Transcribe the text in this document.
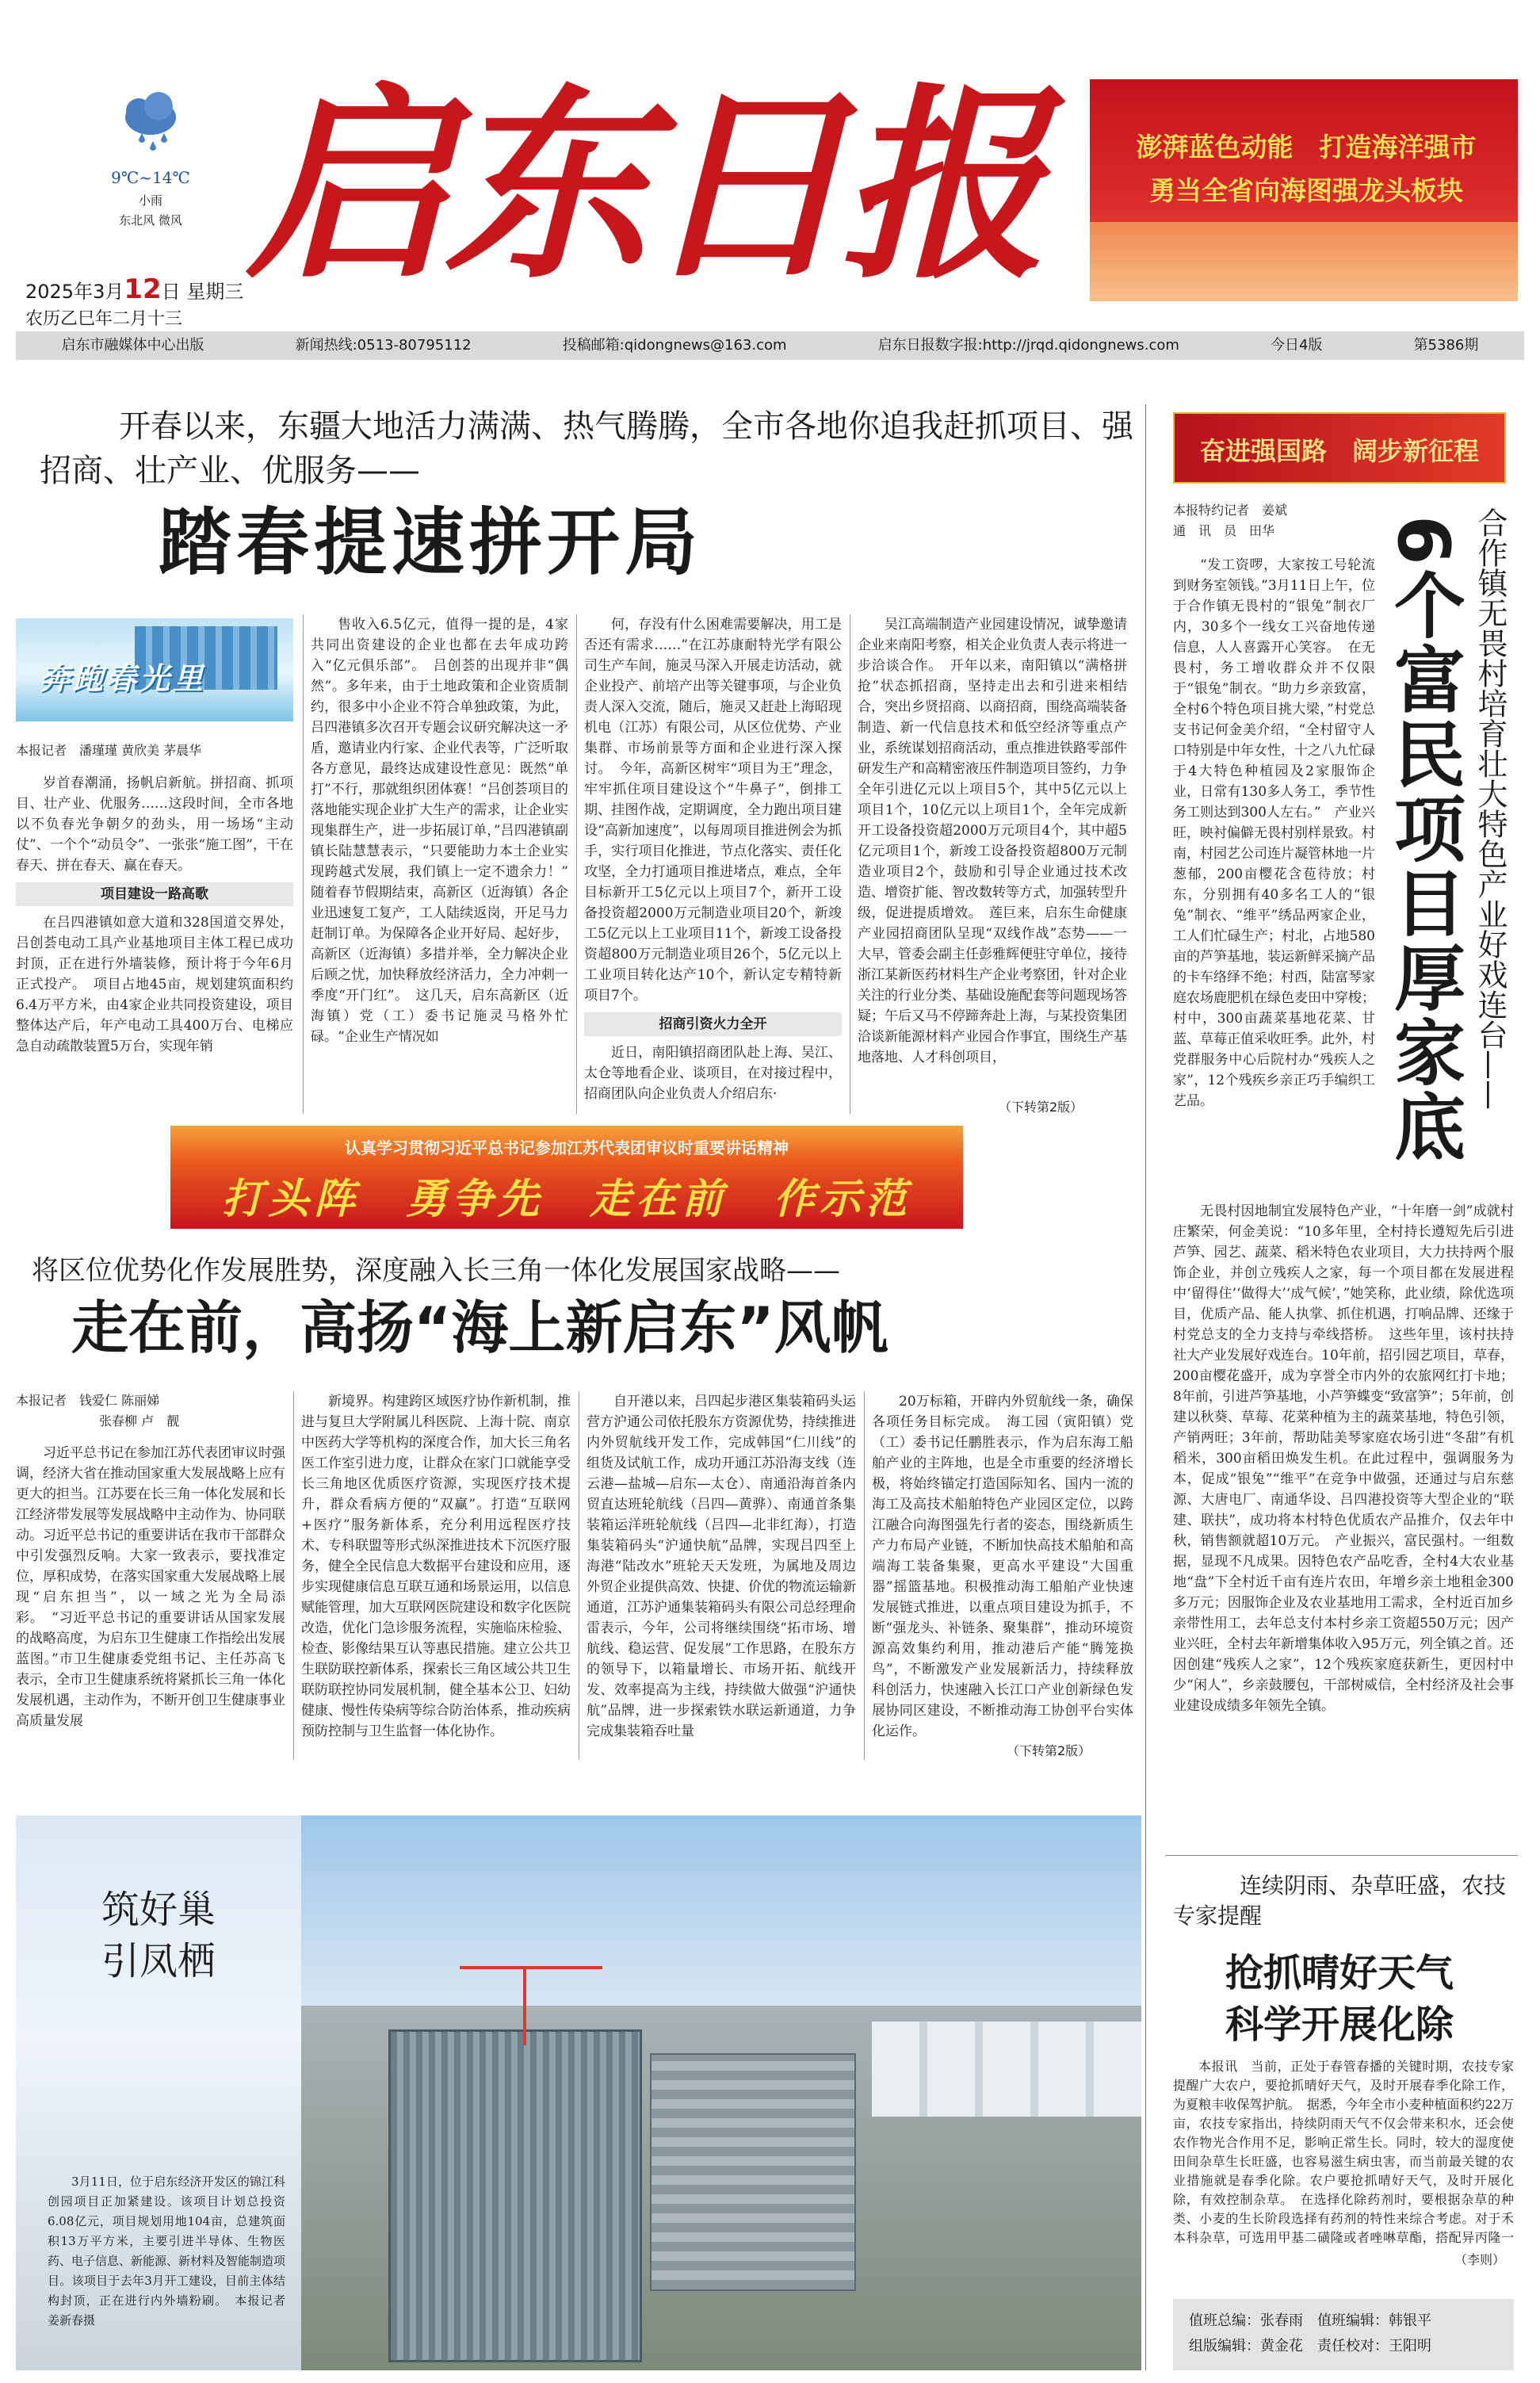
9℃~14℃
小雨
东北风 微风
2025年3月12日 星期三
农历乙巳年二月十三
启东日报	澎湃蓝色动能　打造海洋强市
勇当全省向海图强龙头板块
启东市融媒体中心出版	新闻热线:0513-80795112	投稿邮箱:qidongnews@163.com	启东日报数字报:http://jrqd.qidongnews.com	今日4版	第5386期
开春以来，东疆大地活力满满、热气腾腾，全市各地你追我赶抓项目、强招商、壮产业、优服务——
踏春提速拼开局
奔跑春光里
本报记者　潘瑾瑾 黄欣美 茅晨华

岁首春潮涌，扬帆启新航。拼招商、抓项目、壮产业、优服务……这段时间，全市各地以不负春光争朝夕的劲头，用一场场“主动仗”、一个个“动员令”、一张张“施工图”，干在春天、拼在春天、赢在春天。

项目建设一路高歌

在吕四港镇如意大道和328国道交界处，吕创荟电动工具产业基地项目主体工程已成功封顶，正在进行外墙装修，预计将于今年6月正式投产。　项目占地45亩，规划建筑面积约6.4万平方米，由4家企业共同投资建设，项目整体达产后，年产电动工具400万台、电梯应急自动疏散装置5万台，实现年销

售收入6.5亿元，值得一提的是，4家共同出资建设的企业也都在去年成功跨入“亿元俱乐部”。　吕创荟的出现并非“偶然”。多年来，由于土地政策和企业资质制约，很多中小企业不符合单独政策，为此，吕四港镇多次召开专题会议研究解决这一矛盾，邀请业内行家、企业代表等，广泛听取各方意见，最终达成建设性意见：既然“单打”不行，那就组织团体赛！“吕创荟项目的落地能实现企业扩大生产的需求，让企业实现集群生产，进一步拓展订单，”吕四港镇副镇长陆慧慧表示，“只要能助力本土企业实现跨越式发展，我们镇上一定不遗余力！”　随着春节假期结束，高新区（近海镇）各企业迅速复工复产，工人陆续返岗，开足马力赶制订单。为保障各企业开好局、起好步，高新区（近海镇）多措并举，全力解决企业后顾之忧，加快释放经济活力，全力冲刺一季度“开门红”。　这几天，启东高新区（近海镇）党（工）委书记施灵马格外忙碌。“企业生产情况如

何，存没有什么困难需要解决，用工是否还有需求……”在江苏康耐特光学有限公司生产车间，施灵马深入开展走访活动，就企业投产、前培产出等关键事项，与企业负责人深入交流，随后，施灵又赶赴上海昭现机电（江苏）有限公司，从区位优势、产业集群、市场前景等方面和企业进行深入探讨。　今年，高新区树牢“项目为王”理念，牢牢抓住项目建设这个“牛鼻子”，倒排工期、挂图作战，定期调度，全力跑出项目建设“高新加速度”，以每周项目推进例会为抓手，实行项目化推进，节点化落实、责任化攻坚，全力打通项目推进堵点，难点，全年目标新开工5亿元以上项目7个，新开工设备投资超2000万元制造业项目20个，新竣工5亿元以上工业项目11个，新竣工设备投资超800万元制造业项目26个，5亿元以上工业项目转化达产10个，新认定专精特新项目7个。

招商引资火力全开

近日，南阳镇招商团队赴上海、吴江、太仓等地看企业、谈项目，在对接过程中，招商团队向企业负责人介绍启东·

吴江高端制造产业园建设情况，诚挚邀请企业来南阳考察，相关企业负责人表示将进一步洽谈合作。　开年以来，南阳镇以“满格拼抢”状态抓招商，坚持走出去和引进来相结合，突出乡贤招商、以商招商，围绕高端装备制造、新一代信息技术和低空经济等重点产业，系统谋划招商活动，重点推进铁路零部件研发生产和高精密液压件制造项目签约，力争全年引进亿元以上项目5个，其中5亿元以上项目1个，10亿元以上项目1个，全年完成新开工设备投资超2000万元项目4个，其中超5亿元项目1个，新竣工设备投资超800万元制造业项目2个，鼓励和引导企业通过技术改造、增资扩能、智改数转等方式，加强转型升级，促进提质增效。　莲巨来，启东生命健康产业园招商团队呈现“双线作战”态势——一大早，管委会副主任彭雅辉便驻守单位，接待浙江某新医药材料生产企业考察团，针对企业关注的行业分类、基础设施配套等问题现场答疑；午后又马不停蹄奔赴上海，与某投资集团洽谈新能源材料产业园合作事宜，围绕生产基地落地、人才科创项目，

（下转第2版）
奋进强国路　阔步新征程
本报特约记者　姜斌
通　讯　员　田华	合作镇无畏村培育壮大特色产业好戏连台——
6个富民项目厚家底

“发工资啰，大家按工号轮流到财务室领钱。”3月11日上午，位于合作镇无畏村的“银兔”制衣厂内，30多个一线女工兴奋地传递信息，人人喜露开心笑容。　在无畏村，务工增收群众并不仅限于“银兔”制衣。“助力乡亲致富，全村6个特色项目挑大梁，”村党总支书记何金美介绍，“全村留守人口特别是中年女性，十之八九忙碌于4大特色种植园及2家服饰企业，日常有130多人务工，季节性务工则达到300人左右。”　产业兴旺，映衬偏僻无畏村别样景致。村南，村园艺公司连片凝管林地一片葱郁，200亩樱花含苞待放；村东，分别拥有40多名工人的“银兔”制衣、“维平”绣品两家企业，工人们忙碌生产；村北，占地580亩的芦笋基地，装运新鲜采摘产品的卡车络绎不绝；村西，陆富琴家庭农场鹿肥机在绿色麦田中穿梭；村中，300亩蔬菜基地花菜、甘蓝、草莓正值采收旺季。此外，村党群服务中心后院村办“残疾人之家”，12个残疾乡亲正巧手编织工艺品。

无畏村因地制宜发展特色产业，“十年磨一剑”成就村庄繁荣，何金美说：“10多年里，全村持长遵短先后引进芦笋、园艺、蔬菜、稻米特色农业项目，大力扶持两个服饰企业，并创立残疾人之家，每一个项目都在发展进程中‘留得住’‘做得大’‘成气候’，”她笑称，此业绩，除优选项目，优质产品、能人执掌、抓住机遇，打响品牌、还缘于村党总支的全力支持与牵线搭桥。　这些年里，该村扶持社大产业发展好戏连台。10年前，招引园艺项目，草春，200亩樱花盛开，成为享誉全市内外的农旅网红打卡地；8年前，引进芦笋基地，小芦笋蝶变“致富笋”；5年前，创建以秋葵、草莓、花菜种植为主的蔬菜基地，特色引领，产销两旺；3年前，帮助陆美琴家庭农场引进“冬甜”有机稻米，300亩稻田焕发生机。在此过程中，强调服务为本，促成“银兔”“维平”在竞争中做强，还通过与启东慈源、大唐电厂、南通华设、吕四港投资等大型企业的“联建、联扶”，成功将本村特色优质农产品推介，仅去年中秋，销售额就超10万元。　产业振兴，富民强村。一组数据，显现不凡成果。因特色农产品吃香，全村4大农业基地“盘”下全村近千亩有连片农田，年增乡亲土地租金300多万元；因服饰企业及农业基地用工需求，全村近百加乡亲带性用工，去年总支付本村乡亲工资超550万元；因产业兴旺，全村去年新增集体收入95万元，列全镇之首。还因创建“残疾人之家”，12个残疾家庭获新生，更因村中少“闲人”，乡亲鼓腰包，干部树威信，全村经济及社会事业建设成绩多年领先全镇。

连续阴雨、杂草旺盛，农技专家提醒
抢抓晴好天气
科学开展化除

本报讯　当前，正处于春管春播的关键时期，农技专家提醒广大农户，要抢抓晴好天气，及时开展春季化除工作，为夏粮丰收保驾护航。　据悉，今年全市小麦种植面积约22万亩，农技专家指出，持续阴雨天气不仅会带来积水，还会使农作物光合作用不足，影响正常生长。同时，较大的湿度使田间杂草生长旺盛，也容易滋生病虫害，而当前最关键的农业措施就是春季化除。农户要抢抓晴好天气，及时开展化除，有效控制杂草。　在选择化除药剂时，要根据杂草的种类、小麦的生长阶段选择有药剂的特性来综合考虑。对于禾本科杂草，可选用甲基二磺隆或者唑啉草酯，搭配异丙隆一

（李则）
值班总编：张春雨　 值班编辑：韩银平
组版编辑：黄金花　 责任校对：王阳明
认真学习贯彻习近平总书记参加江苏代表团审议时重要讲话精神
打头阵　勇争先　走在前　作示范
将区位优势化作发展胜势，深度融入长三角一体化发展国家战略——
走在前，高扬“海上新启东”风帆
本报记者　钱爱仁 陈丽娣
张春柳 卢　靓

习近平总书记在参加江苏代表团审议时强调，经济大省在推动国家重大发展战略上应有更大的担当。江苏要在长三角一体化发展和长江经济带发展等发展战略中主动作为、协同联动。习近平总书记的重要讲话在我市干部群众中引发强烈反响。大家一致表示，要找准定位，厚积成势，在落实国家重大发展战略上展现“启东担当”，以一域之光为全局添彩。　“习近平总书记的重要讲话从国家发展的战略高度，为启东卫生健康工作指绘出发展蓝图。”市卫生健康委党组书记、主任苏高飞表示，全市卫生健康系统将紧抓长三角一体化发展机遇，主动作为，不断开创卫生健康事业高质量发展

新境界。构建跨区域医疗协作新机制，推进与复旦大学附属儿科医院、上海十院、南京中医药大学等机构的深度合作，加大长三角名医工作室引进力度，让群众在家门口就能享受长三角地区优质医疗资源，实现医疗技术提升，群众看病方便的“双赢”。打造“互联网+医疗”服务新体系，充分利用远程医疗技术、专科联盟等形式纵深推进技术下沉医疗服务，健全全民信息大数据平台建设和应用，逐步实现健康信息互联互通和场景运用，以信息赋能管理，加大互联网医院建设和数字化医院改造，优化门急诊服务流程，实施临床检验、检查、影像结果互认等惠民措施。建立公共卫生联防联控新体系，探索长三角区域公共卫生联防联控协同发展机制，健全基本公卫、妇幼健康、慢性传染病等综合防治体系，推动疾病预防控制与卫生监督一体化协作。

自开港以来，吕四起步港区集装箱码头运营方沪通公司依托股东方资源优势，持续推进内外贸航线开发工作，完成韩国“仁川线”的组货及试航工作，成功开通江苏沿海支线（连云港—盐城—启东—太仓）、南通沿海首条内贸直达班轮航线（吕四—黄骅）、南通首条集装箱运洋班轮航线（吕四—北非红海），打造集装箱码头“沪通快航”品牌，实现吕四至上海港“陆改水”班轮天天发班，为属地及周边外贸企业提供高效、快捷、价优的物流运输新通道，江苏沪通集装箱码头有限公司总经理俞雷表示，今年，公司将继续围绕“拓市场、增航线、稳运营、促发展”工作思路，在股东方的领导下，以箱量增长、市场开拓、航线开发、效率提高为主线，持续做大做强“沪通快航”品牌，进一步探索铁水联运新通道，力争完成集装箱吞吐量

20万标箱，开辟内外贸航线一条，确保各项任务目标完成。　海工园（寅阳镇）党（工）委书记任鹏胜表示，作为启东海工船舶产业的主阵地，也是全市重要的经济增长极，将始终锚定打造国际知名、国内一流的海工及高技术船舶特色产业园区定位，以跨江融合向海图强先行者的姿态，围绕新质生产力布局产业链，不断加快高技术船舶和高端海工装备集聚，更高水平建设“大国重器”摇篮基地。积极推动海工船舶产业快速发展链式推进，以重点项目建设为抓手，不断“强龙头、补链条、聚集群”，推动环境资源高效集约利用，推动港后产能“腾笼换鸟”，不断激发产业发展新活力，持续释放科创活力，快速融入长江口产业创新绿色发展协同区建设，不断推动海工协创平台实体化运作。

（下转第2版）
筑好巢
引凤栖
3月11日，位于启东经济开发区的锦江科创园项目正加紧建设。该项目计划总投资6.08亿元，项目规划用地104亩，总建筑面积13万平方米，主要引进半导体、生物医药、电子信息、新能源、新材料及智能制造项目。该项目于去年3月开工建设，目前主体结构封顶，正在进行内外墙粉刷。　本报记者　姜新春摄
